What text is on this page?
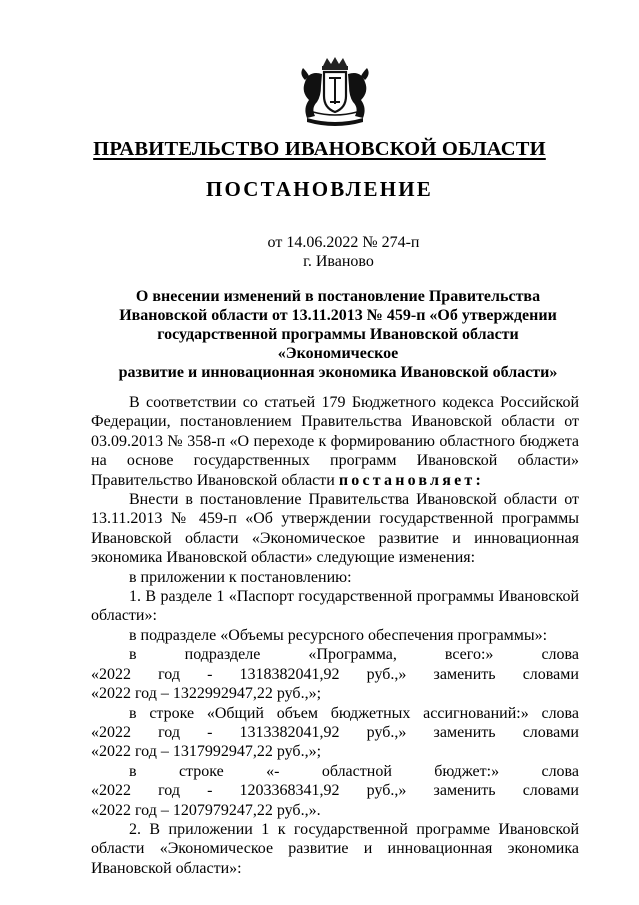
ПРАВИТЕЛЬСТВО ИВАНОВСКОЙ ОБЛАСТИ
ПОСТАНОВЛЕНИЕ
от 14.06.2022 № 274-п
г. Иваново
О внесении изменений в постановление Правительства
Ивановской области от 13.11.2013 № 459-п «Об утверждении
государственной программы Ивановской области «Экономическое
развитие и инновационная экономика Ивановской области»

В соответствии со статьей 179 Бюджетного кодекса Российской Федерации, постановлением Правительства Ивановской области от 03.09.2013 № 358-п «О переходе к формированию областного бюджета на основе государственных программ Ивановской области» Правительство Ивановской области постановляет:

Внести в постановление Правительства Ивановской области от 13.11.2013 № 459-п «Об утверждении государственной программы Ивановской области «Экономическое развитие и инновационная экономика Ивановской области» следующие изменения:

в приложении к постановлению:

1. В разделе 1 «Паспорт государственной программы Ивановской области»:

в подразделе «Объемы ресурсного обеспечения программы»:

в	подразделе	«Программа,	всего:»	слова
«2022 год - 1318382041,92 руб.,» заменить словами
«2022 год – 1322992947,22 руб.,»;
в строке «Общий объем бюджетных ассигнований:» слова
«2022 год - 1313382041,92 руб.,» заменить словами
«2022 год – 1317992947,22 руб.,»;
в	строке	«-	областной	бюджет:»	слова
«2022 год - 1203368341,92 руб.,» заменить словами
«2022 год – 1207979247,22 руб.,».

2. В приложении 1 к государственной программе Ивановской области «Экономическое развитие и инновационная экономика Ивановской области»:
